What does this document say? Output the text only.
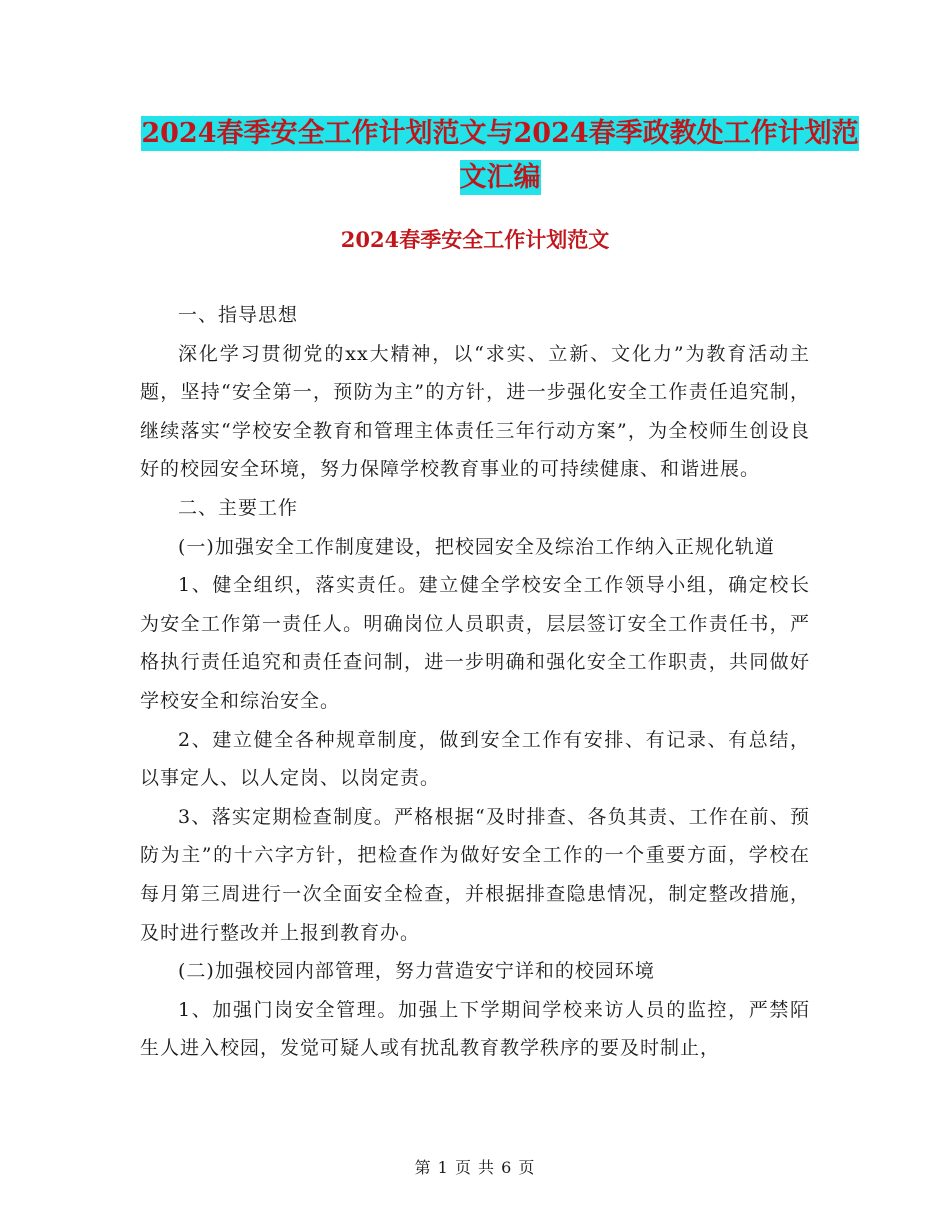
2024春季安全工作计划范文与2024春季政教处工作计划范文汇编
2024春季安全工作计划范文

一、指导思想

深化学习贯彻党的xx大精神，以“求实、立新、文化力”为教育活动主题，坚持“安全第一，预防为主”的方针，进一步强化安全工作责任追究制，继续落实“学校安全教育和管理主体责任三年行动方案”，为全校师生创设良好的校园安全环境，努力保障学校教育事业的可持续健康、和谐进展。

二、主要工作

(一)加强安全工作制度建设，把校园安全及综治工作纳入正规化轨道

1、健全组织，落实责任。建立健全学校安全工作领导小组，确定校长为安全工作第一责任人。明确岗位人员职责，层层签订安全工作责任书，严格执行责任追究和责任查问制，进一步明确和强化安全工作职责，共同做好学校安全和综治安全。

2、建立健全各种规章制度，做到安全工作有安排、有记录、有总结，以事定人、以人定岗、以岗定责。

3、落实定期检查制度。严格根据“及时排查、各负其责、工作在前、预防为主”的十六字方针，把检查作为做好安全工作的一个重要方面，学校在每月第三周进行一次全面安全检查，并根据排查隐患情况，制定整改措施，及时进行整改并上报到教育办。

(二)加强校园内部管理，努力营造安宁详和的校园环境

1、加强门岗安全管理。加强上下学期间学校来访人员的监控，严禁陌生人进入校园，发觉可疑人或有扰乱教育教学秩序的要及时制止，

第 1 页 共 6 页
